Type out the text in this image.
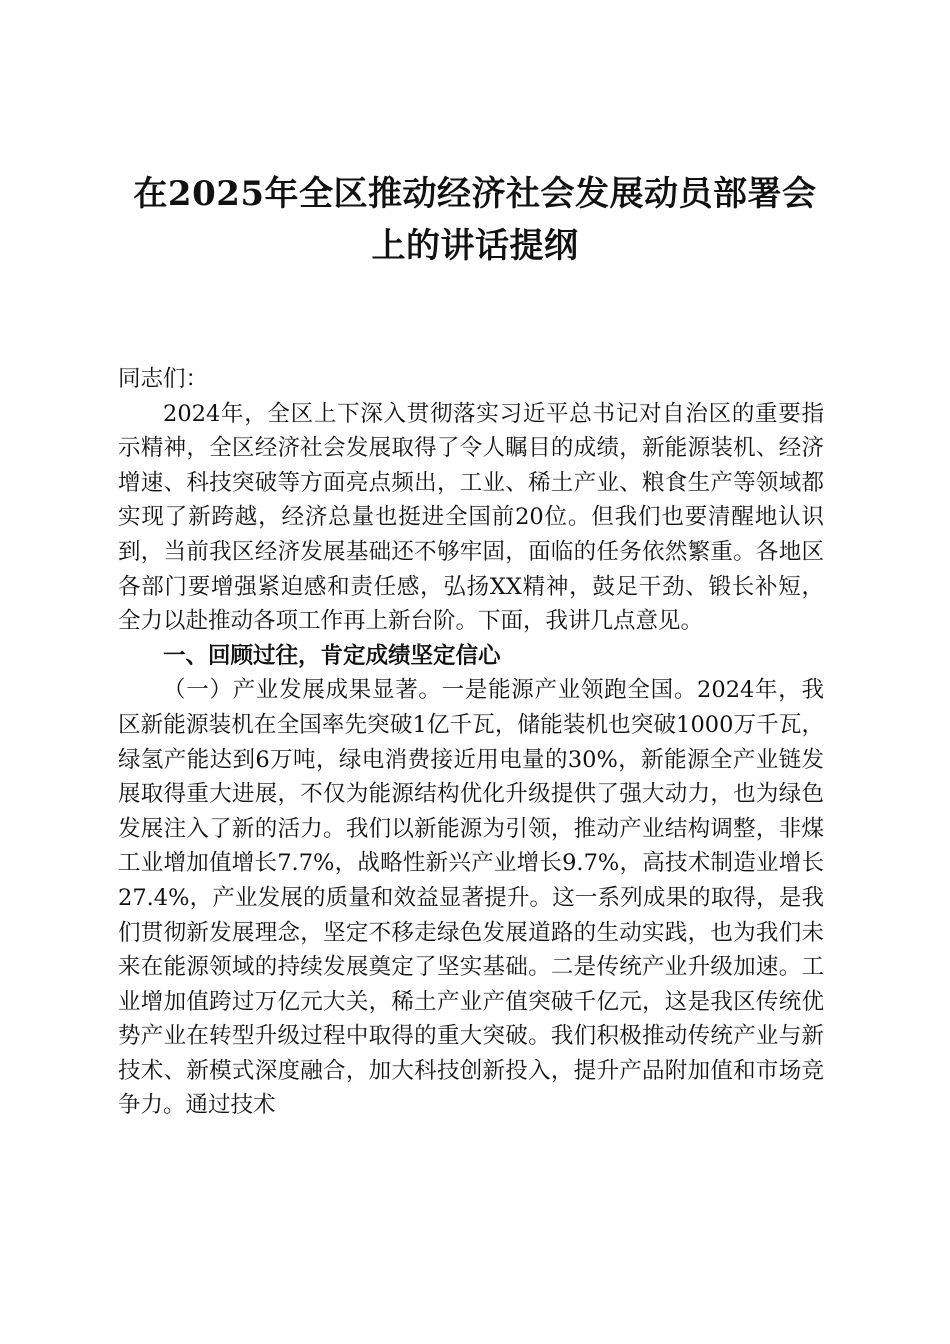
在2025年全区推动经济社会发展动员部署会
上的讲话提纲

同志们：

2024年，全区上下深入贯彻落实习近平总书记对自治区的重要指示精神，全区经济社会发展取得了令人瞩目的成绩，新能源装机、经济增速、科技突破等方面亮点频出，工业、稀土产业、粮食生产等领域都实现了新跨越，经济总量也挺进全国前20位。但我们也要清醒地认识到，当前我区经济发展基础还不够牢固，面临的任务依然繁重。各地区各部门要增强紧迫感和责任感，弘扬XX精神，鼓足干劲、锻长补短，全力以赴推动各项工作再上新台阶。下面，我讲几点意见。

一、回顾过往，肯定成绩坚定信心

（一）产业发展成果显著。一是能源产业领跑全国。2024年，我区新能源装机在全国率先突破1亿千瓦，储能装机也突破1000万千瓦，绿氢产能达到6万吨，绿电消费接近用电量的30%，新能源全产业链发展取得重大进展，不仅为能源结构优化升级提供了强大动力，也为绿色发展注入了新的活力。我们以新能源为引领，推动产业结构调整，非煤工业增加值增长7.7%，战略性新兴产业增长9.7%，高技术制造业增长27.4%，产业发展的质量和效益显著提升。这一系列成果的取得，是我们贯彻新发展理念，坚定不移走绿色发展道路的生动实践，也为我们未来在能源领域的持续发展奠定了坚实基础。二是传统产业升级加速。工业增加值跨过万亿元大关，稀土产业产值突破千亿元，这是我区传统优势产业在转型升级过程中取得的重大突破。我们积极推动传统产业与新技术、新模式深度融合，加大科技创新投入，提升产品附加值和市场竞争力。通过技术
